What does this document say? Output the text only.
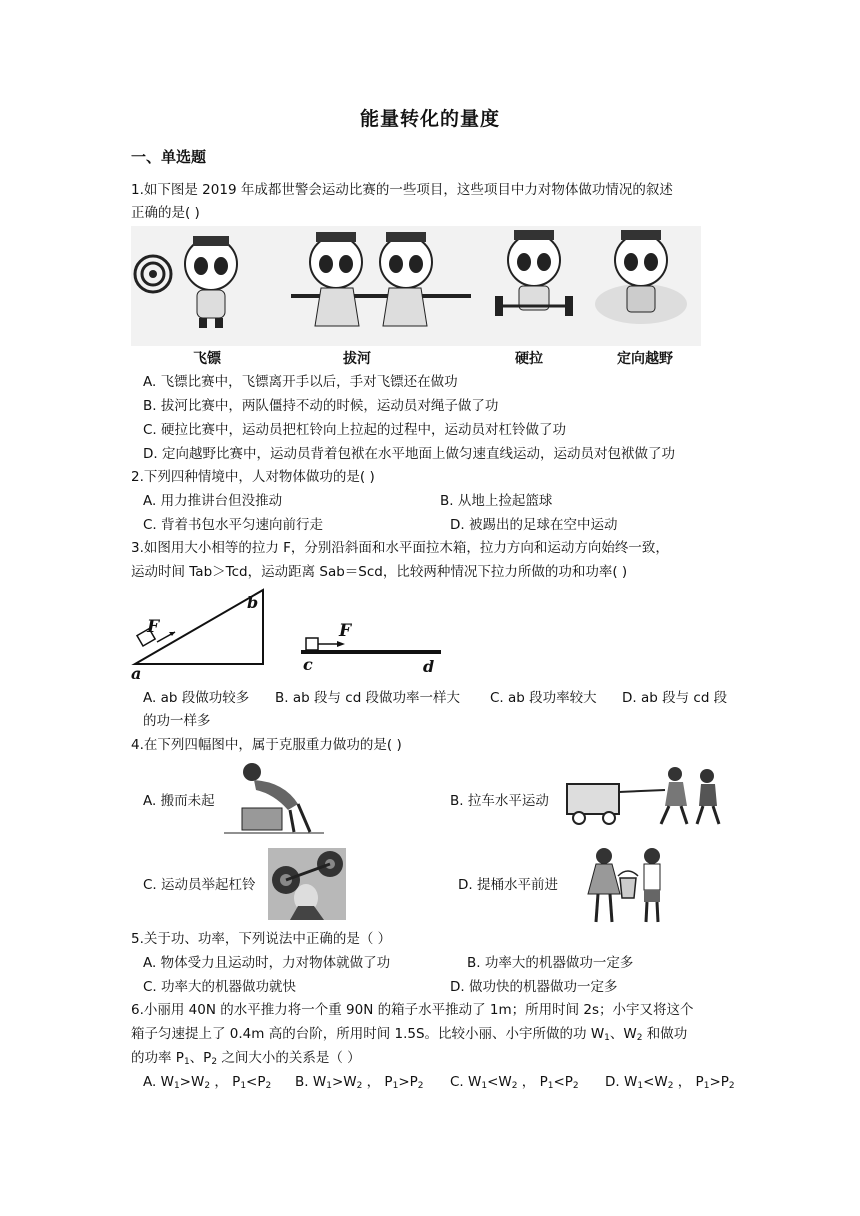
能量转化的量度
一、单选题
1.如下图是 2019 年成都世警会运动比赛的一些项目，这些项目中力对物体做功情况的叙述
正确的是( )
飞镖	拔河	硬拉	定向越野
A. 飞镖比赛中，飞镖离开手以后，手对飞镖还在做功
B. 拔河比赛中，两队僵持不动的时候，运动员对绳子做了功
C. 硬拉比赛中，运动员把杠铃向上拉起的过程中，运动员对杠铃做了功
D. 定向越野比赛中，运动员背着包袱在水平地面上做匀速直线运动，运动员对包袱做了功
2.下列四种情境中，人对物体做功的是( )
A. 用力推讲台但没推动	B. 从地上捡起篮球
C. 背着书包水平匀速向前行走	D. 被踢出的足球在空中运动
3.如图用大小相等的拉力 F，分别沿斜面和水平面拉木箱，拉力方向和运动方向始终一致，
运动时间 Tab＞Tcd，运动距离 Sab＝Scd，比较两种情况下拉力所做的功和功率( )
F
a
b
F
c	d
A. ab 段做功较多 B. ab 段与 cd 段做功率一样大 C. ab 段功率较大 D. ab 段与 cd 段
的功一样多
4.在下列四幅图中，属于克服重力做功的是( )
A. 搬而未起	B. 拉车水平运动
C. 运动员举起杠铃	D. 提桶水平前进
5.关于功、功率，下列说法中正确的是（ ）
A. 物体受力且运动时，力对物体就做了功	B. 功率大的机器做功一定多
C. 功率大的机器做功就快	D. 做功快的机器做功一定多
6.小丽用 40N 的水平推力将一个重 90N 的箱子水平推动了 1m；所用时间 2s；小宇又将这个
箱子匀速提上了 0.4m 高的台阶，所用时间 1.5S。比较小丽、小宇所做的功 $W_1$、$W_2$ 和做功
的功率 $P_1$、$P_2$ 之间大小的关系是（ ）
A. $W_1>W_2$ ， $P_1<P_2$ B. $W_1>W_2$ ， $P_1>P_2$ C. $W_1<W_2$ ， $P_1<P_2$ D. $W_1<W_2$ ， $P_1>P_2$
